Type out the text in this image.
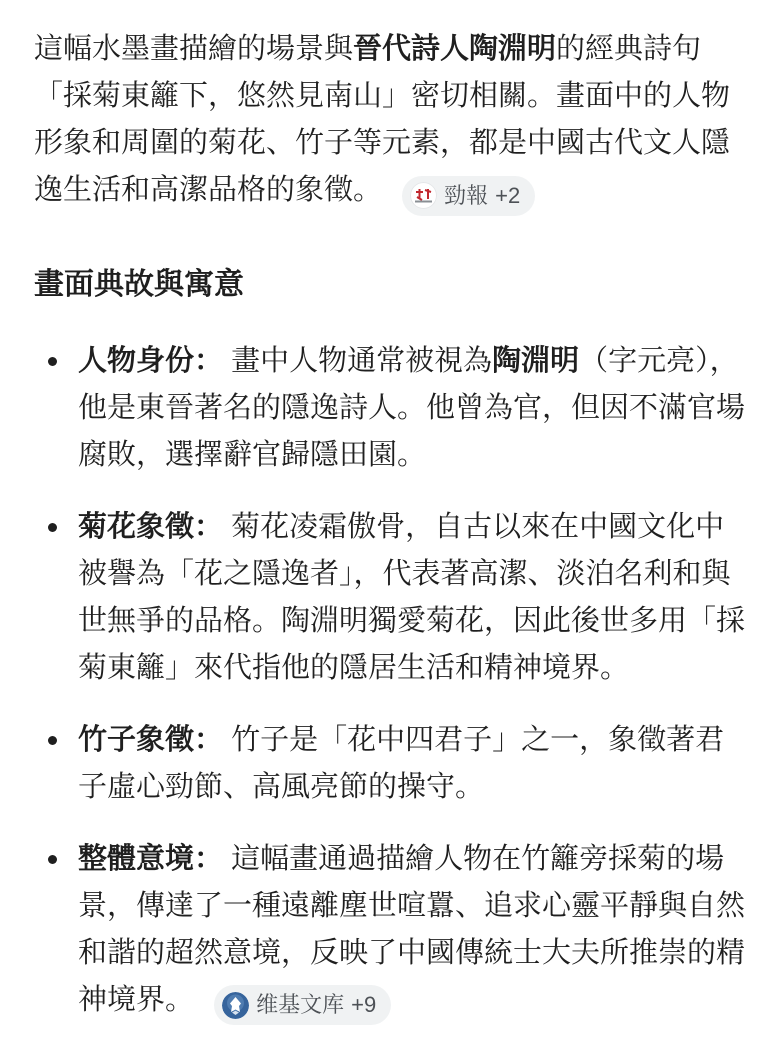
這幅水墨畫描繪的場景與晉代詩人陶淵明的經典詩句「採菊東籬下，悠然見南山」密切相關。畫面中的人物形象和周圍的菊花、竹子等元素，都是中國古代文人隱逸生活和高潔品格的象徵。	勁報 +2

畫面典故與寓意
人物身份： 畫中人物通常被視為陶淵明（字元亮），他是東晉著名的隱逸詩人。他曾為官，但因不滿官場腐敗，選擇辭官歸隱田園。
菊花象徵： 菊花凌霜傲骨，自古以來在中國文化中被譽為「花之隱逸者」，代表著高潔、淡泊名利和與世無爭的品格。陶淵明獨愛菊花，因此後世多用「採菊東籬」來代指他的隱居生活和精神境界。
竹子象徵： 竹子是「花中四君子」之一，象徵著君子虛心勁節、高風亮節的操守。
整體意境： 這幅畫通過描繪人物在竹籬旁採菊的場景，傳達了一種遠離塵世喧囂、追求心靈平靜與自然和諧的超然意境，反映了中國傳統士大夫所推崇的精神境界。	维基文库 +9
